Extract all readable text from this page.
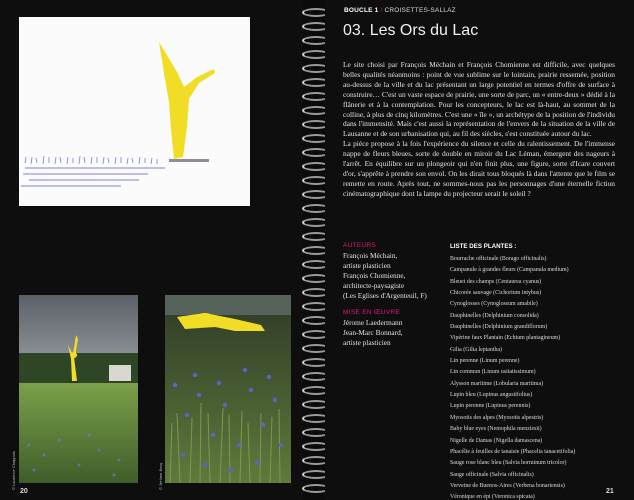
© Laurence Chappuis	© Jérôme Bovy
20
BOUCLE 1 / CROISETTES-SALLAZ
03. Les Ors du Lac

Le site choisi par François Méchain et François Chomienne est difficile, avec quelques belles qualités néanmoins : point de vue sublime sur le lointain, prairie ressemée, position au-dessus de la ville et du lac présentant un large potentiel en termes d'offre de surface à construire… C'est un vaste espace de prairie, une sorte de parc, un « entre-deux » dédié à la flânerie et à la contemplation. Pour les concepteurs, le lac est là-haut, au sommet de la colline, à plus de cinq kilomètres. C'est une « île », un archétype de la position de l'individu dans l'immensité. Mais c'est aussi la représentation de l'envers de la situation de la ville de Lausanne et de son urbanisation qui, au fil des siècles, s'est constituée autour du lac.

La pièce propose à la fois l'expérience du silence et celle du ralentissement. De l'immense nappe de fleurs bleues, sorte de double en miroir du Lac Léman, émergent des nageurs à l'arrêt. En équilibre sur un plongeoir qui n'en finit plus, une figure, sorte d'Icare couvert d'or, s'apprête à prendre son envol. On les dirait tous bloqués là dans l'attente que le film se remette en route. Après tout, ne sommes-nous pas les personnages d'une éternelle fiction cinématographique dont la lampe du projecteur serait le soleil ?

AUTEURS
François Méchain,
artiste plasticien
François Chomienne,
architecte-paysagiste
(Les Eglises d'Argenteuil, F)
MISE EN ŒUVRE
Jérome Laedermann
Jean-Marc Bonnard,
artiste plasticien
LISTE DES PLANTES :
Bourrache officinale (Borago officinalis)
Campanule à grandes fleurs (Campanula medium)
Bleuet des champs (Centaurea cyanus)
Chicorée sauvage (Cichorium intybus)
Cynoglosses (Cynoglossum amabile)
Dauphinelles (Delphinium consolida)
Dauphinelles (Delphinium grandiflorum)
Vipérine faux Plantain (Echium plantagineum)
Gilia (Gilia leptantha)
Lin perenne (Linum perenne)
Lin commun (Linum usitatissimum)
Alysson maritime (Lobularia maritima)
Lupin bleu (Lupinus angustifolius)
Lupin perenne (Lupinus perennis)
Myosotis des alpes (Myosotis alpestris)
Baby blue eyes (Nemophila menziesii)
Nigelle de Damas (Nigella damascena)
Phacélie à feuilles de tanaisie (Phacelia tanacetifolia)
Sauge rose blanc bleu (Salvia horminum tricolor)
Sauge officinale (Salvia officinalis)
Verveine de Buenos-Aires (Verbena bonariensis)
Véronique en épi (Veronica spicata)
21
